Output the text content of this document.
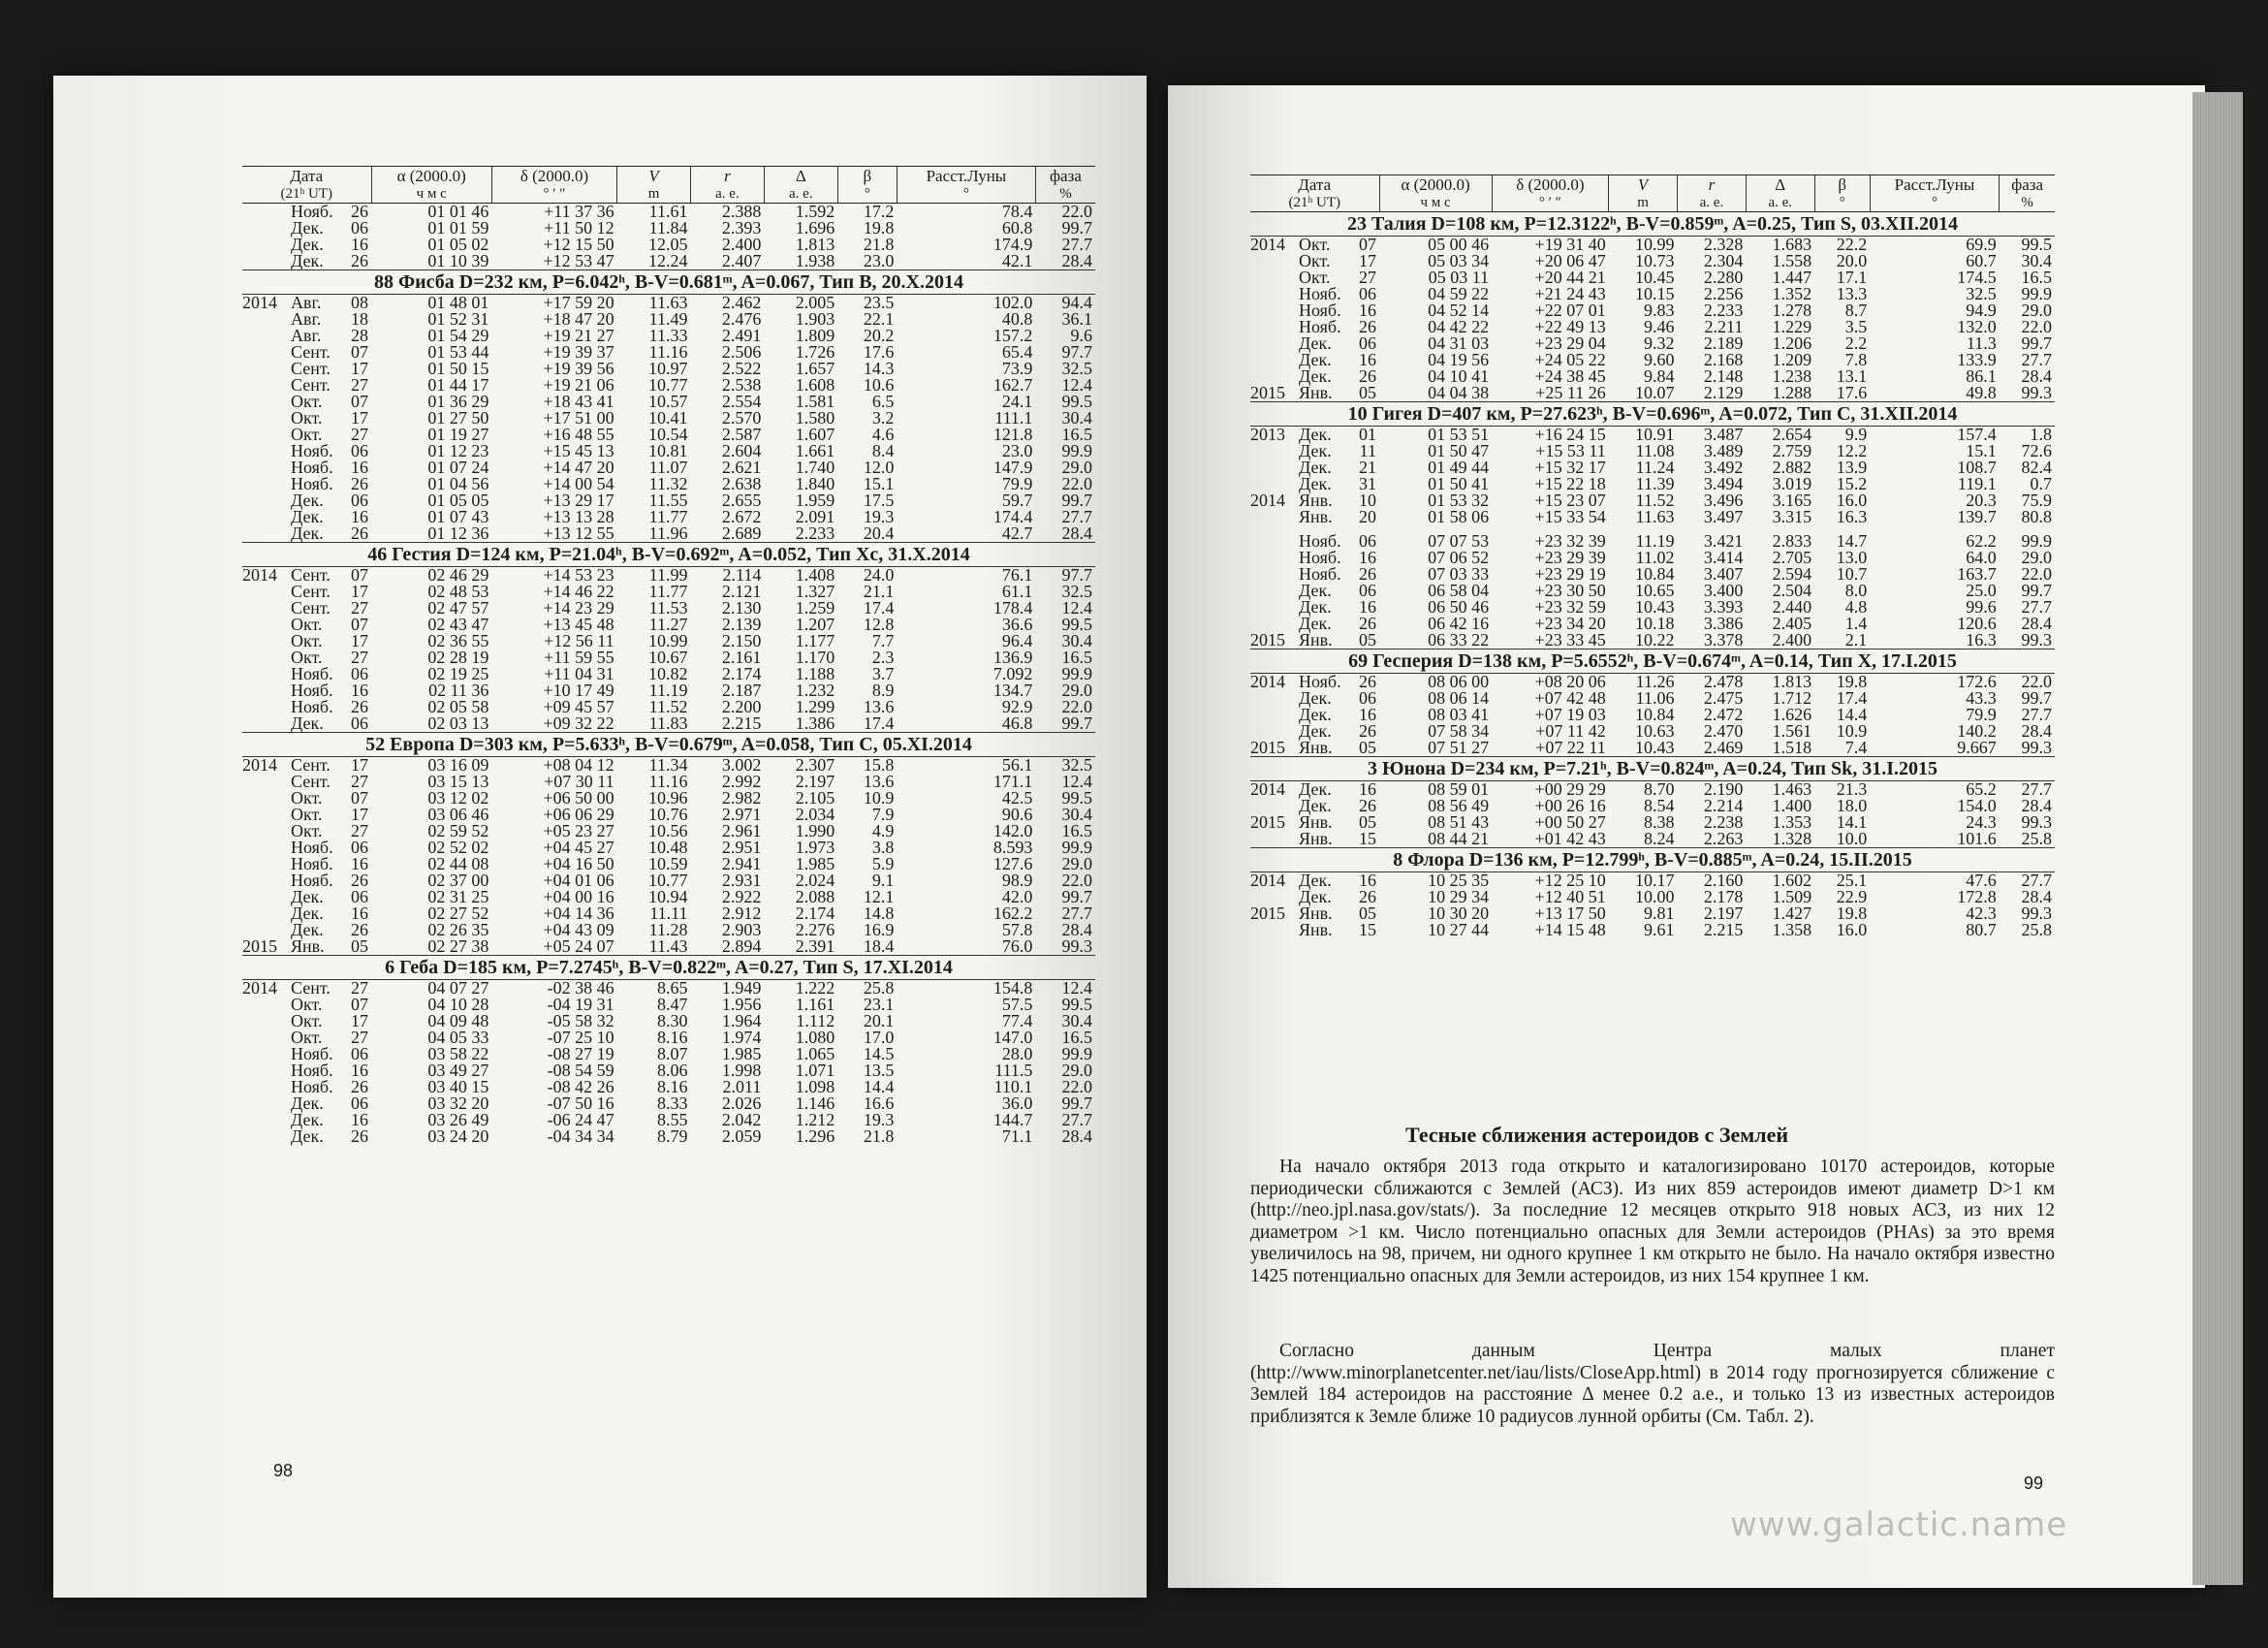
Дата			α (2000.0)	δ (2000.0)	V	r	Δ	β	Расст.Луны	фаза
(21ʰ UT)			ч м с	° ′ ″	m	а. е.	а. е.	°	°	%
	Нояб.	26	01 01 46	+11 37 36	11.61	2.388	1.592	17.2	78.4	22.0
	Дек.	06	01 01 59	+11 50 12	11.84	2.393	1.696	19.8	60.8	99.7
	Дек.	16	01 05 02	+12 15 50	12.05	2.400	1.813	21.8	174.9	27.7
	Дек.	26	01 10 39	+12 53 47	12.24	2.407	1.938	23.0	42.1	28.4
88 Фисба D=232 км, P=6.042ʰ, B-V=0.681ᵐ, A=0.067, Тип B, 20.X.2014										
2014	Авг.	08	01 48 01	+17 59 20	11.63	2.462	2.005	23.5	102.0	94.4
	Авг.	18	01 52 31	+18 47 20	11.49	2.476	1.903	22.1	40.8	36.1
	Авг.	28	01 54 29	+19 21 27	11.33	2.491	1.809	20.2	157.2	9.6
	Сент.	07	01 53 44	+19 39 37	11.16	2.506	1.726	17.6	65.4	97.7
	Сент.	17	01 50 15	+19 39 56	10.97	2.522	1.657	14.3	73.9	32.5
	Сент.	27	01 44 17	+19 21 06	10.77	2.538	1.608	10.6	162.7	12.4
	Окт.	07	01 36 29	+18 43 41	10.57	2.554	1.581	6.5	24.1	99.5
	Окт.	17	01 27 50	+17 51 00	10.41	2.570	1.580	3.2	111.1	30.4
	Окт.	27	01 19 27	+16 48 55	10.54	2.587	1.607	4.6	121.8	16.5
	Нояб.	06	01 12 23	+15 45 13	10.81	2.604	1.661	8.4	23.0	99.9
	Нояб.	16	01 07 24	+14 47 20	11.07	2.621	1.740	12.0	147.9	29.0
	Нояб.	26	01 04 56	+14 00 54	11.32	2.638	1.840	15.1	79.9	22.0
	Дек.	06	01 05 05	+13 29 17	11.55	2.655	1.959	17.5	59.7	99.7
	Дек.	16	01 07 43	+13 13 28	11.77	2.672	2.091	19.3	174.4	27.7
	Дек.	26	01 12 36	+13 12 55	11.96	2.689	2.233	20.4	42.7	28.4
46 Гестия D=124 км, P=21.04ʰ, B-V=0.692ᵐ, A=0.052, Тип Xc, 31.X.2014										
2014	Сент.	07	02 46 29	+14 53 23	11.99	2.114	1.408	24.0	76.1	97.7
	Сент.	17	02 48 53	+14 46 22	11.77	2.121	1.327	21.1	61.1	32.5
	Сент.	27	02 47 57	+14 23 29	11.53	2.130	1.259	17.4	178.4	12.4
	Окт.	07	02 43 47	+13 45 48	11.27	2.139	1.207	12.8	36.6	99.5
	Окт.	17	02 36 55	+12 56 11	10.99	2.150	1.177	7.7	96.4	30.4
	Окт.	27	02 28 19	+11 59 55	10.67	2.161	1.170	2.3	136.9	16.5
	Нояб.	06	02 19 25	+11 04 31	10.82	2.174	1.188	3.7	7.092	99.9
	Нояб.	16	02 11 36	+10 17 49	11.19	2.187	1.232	8.9	134.7	29.0
	Нояб.	26	02 05 58	+09 45 57	11.52	2.200	1.299	13.6	92.9	22.0
	Дек.	06	02 03 13	+09 32 22	11.83	2.215	1.386	17.4	46.8	99.7
52 Европа D=303 км, P=5.633ʰ, B-V=0.679ᵐ, A=0.058, Тип C, 05.XI.2014										
2014	Сент.	17	03 16 09	+08 04 12	11.34	3.002	2.307	15.8	56.1	32.5
	Сент.	27	03 15 13	+07 30 11	11.16	2.992	2.197	13.6	171.1	12.4
	Окт.	07	03 12 02	+06 50 00	10.96	2.982	2.105	10.9	42.5	99.5
	Окт.	17	03 06 46	+06 06 29	10.76	2.971	2.034	7.9	90.6	30.4
	Окт.	27	02 59 52	+05 23 27	10.56	2.961	1.990	4.9	142.0	16.5
	Нояб.	06	02 52 02	+04 45 27	10.48	2.951	1.973	3.8	8.593	99.9
	Нояб.	16	02 44 08	+04 16 50	10.59	2.941	1.985	5.9	127.6	29.0
	Нояб.	26	02 37 00	+04 01 06	10.77	2.931	2.024	9.1	98.9	22.0
	Дек.	06	02 31 25	+04 00 16	10.94	2.922	2.088	12.1	42.0	99.7
	Дек.	16	02 27 52	+04 14 36	11.11	2.912	2.174	14.8	162.2	27.7
	Дек.	26	02 26 35	+04 43 09	11.28	2.903	2.276	16.9	57.8	28.4
2015	Янв.	05	02 27 38	+05 24 07	11.43	2.894	2.391	18.4	76.0	99.3
6 Геба D=185 км, P=7.2745ʰ, B-V=0.822ᵐ, A=0.27, Тип S, 17.XI.2014										
2014	Сент.	27	04 07 27	-02 38 46	8.65	1.949	1.222	25.8	154.8	12.4
	Окт.	07	04 10 28	-04 19 31	8.47	1.956	1.161	23.1	57.5	99.5
	Окт.	17	04 09 48	-05 58 32	8.30	1.964	1.112	20.1	77.4	30.4
	Окт.	27	04 05 33	-07 25 10	8.16	1.974	1.080	17.0	147.0	16.5
	Нояб.	06	03 58 22	-08 27 19	8.07	1.985	1.065	14.5	28.0	99.9
	Нояб.	16	03 49 27	-08 54 59	8.06	1.998	1.071	13.5	111.5	29.0
	Нояб.	26	03 40 15	-08 42 26	8.16	2.011	1.098	14.4	110.1	22.0
	Дек.	06	03 32 20	-07 50 16	8.33	2.026	1.146	16.6	36.0	99.7
	Дек.	16	03 26 49	-06 24 47	8.55	2.042	1.212	19.3	144.7	27.7
	Дек.	26	03 24 20	-04 34 34	8.79	2.059	1.296	21.8	71.1	28.4
Дата			α (2000.0)	δ (2000.0)	V	r	Δ	β	Расст.Луны	фаза
(21ʰ UT)			ч м с	° ′ ″	m	а. е.	а. е.	°	°	%
23 Талия D=108 км, P=12.3122ʰ, B-V=0.859ᵐ, A=0.25, Тип S, 03.XII.2014										
2014	Окт.	07	05 00 46	+19 31 40	10.99	2.328	1.683	22.2	69.9	99.5
	Окт.	17	05 03 34	+20 06 47	10.73	2.304	1.558	20.0	60.7	30.4
	Окт.	27	05 03 11	+20 44 21	10.45	2.280	1.447	17.1	174.5	16.5
	Нояб.	06	04 59 22	+21 24 43	10.15	2.256	1.352	13.3	32.5	99.9
	Нояб.	16	04 52 14	+22 07 01	9.83	2.233	1.278	8.7	94.9	29.0
	Нояб.	26	04 42 22	+22 49 13	9.46	2.211	1.229	3.5	132.0	22.0
	Дек.	06	04 31 03	+23 29 04	9.32	2.189	1.206	2.2	11.3	99.7
	Дек.	16	04 19 56	+24 05 22	9.60	2.168	1.209	7.8	133.9	27.7
	Дек.	26	04 10 41	+24 38 45	9.84	2.148	1.238	13.1	86.1	28.4
2015	Янв.	05	04 04 38	+25 11 26	10.07	2.129	1.288	17.6	49.8	99.3
10 Гигея D=407 км, P=27.623ʰ, B-V=0.696ᵐ, A=0.072, Тип C, 31.XII.2014										
2013	Дек.	01	01 53 51	+16 24 15	10.91	3.487	2.654	9.9	157.4	1.8
	Дек.	11	01 50 47	+15 53 11	11.08	3.489	2.759	12.2	15.1	72.6
	Дек.	21	01 49 44	+15 32 17	11.24	3.492	2.882	13.9	108.7	82.4
	Дек.	31	01 50 41	+15 22 18	11.39	3.494	3.019	15.2	119.1	0.7
2014	Янв.	10	01 53 32	+15 23 07	11.52	3.496	3.165	16.0	20.3	75.9
	Янв.	20	01 58 06	+15 33 54	11.63	3.497	3.315	16.3	139.7	80.8

	Нояб.	06	07 07 53	+23 32 39	11.19	3.421	2.833	14.7	62.2	99.9
	Нояб.	16	07 06 52	+23 29 39	11.02	3.414	2.705	13.0	64.0	29.0
	Нояб.	26	07 03 33	+23 29 19	10.84	3.407	2.594	10.7	163.7	22.0
	Дек.	06	06 58 04	+23 30 50	10.65	3.400	2.504	8.0	25.0	99.7
	Дек.	16	06 50 46	+23 32 59	10.43	3.393	2.440	4.8	99.6	27.7
	Дек.	26	06 42 16	+23 34 20	10.18	3.386	2.405	1.4	120.6	28.4
2015	Янв.	05	06 33 22	+23 33 45	10.22	3.378	2.400	2.1	16.3	99.3
69 Гесперия D=138 км, P=5.6552ʰ, B-V=0.674ᵐ, A=0.14, Тип X, 17.I.2015										
2014	Нояб.	26	08 06 00	+08 20 06	11.26	2.478	1.813	19.8	172.6	22.0
	Дек.	06	08 06 14	+07 42 48	11.06	2.475	1.712	17.4	43.3	99.7
	Дек.	16	08 03 41	+07 19 03	10.84	2.472	1.626	14.4	79.9	27.7
	Дек.	26	07 58 34	+07 11 42	10.63	2.470	1.561	10.9	140.2	28.4
2015	Янв.	05	07 51 27	+07 22 11	10.43	2.469	1.518	7.4	9.667	99.3
3 Юнона D=234 км, P=7.21ʰ, B-V=0.824ᵐ, A=0.24, Тип Sk, 31.I.2015										
2014	Дек.	16	08 59 01	+00 29 29	8.70	2.190	1.463	21.3	65.2	27.7
	Дек.	26	08 56 49	+00 26 16	8.54	2.214	1.400	18.0	154.0	28.4
2015	Янв.	05	08 51 43	+00 50 27	8.38	2.238	1.353	14.1	24.3	99.3
	Янв.	15	08 44 21	+01 42 43	8.24	2.263	1.328	10.0	101.6	25.8
8 Флора D=136 км, P=12.799ʰ, B-V=0.885ᵐ, A=0.24, 15.II.2015										
2014	Дек.	16	10 25 35	+12 25 10	10.17	2.160	1.602	25.1	47.6	27.7
	Дек.	26	10 29 34	+12 40 51	10.00	2.178	1.509	22.9	172.8	28.4
2015	Янв.	05	10 30 20	+13 17 50	9.81	2.197	1.427	19.8	42.3	99.3
	Янв.	15	10 27 44	+14 15 48	9.61	2.215	1.358	16.0	80.7	25.8
Тесные сближения астероидов с Землей
На начало октября 2013 года открыто и каталогизировано 10170 астероидов, которые периодически сближаются с Землей (АСЗ). Из них 859 астероидов имеют диаметр D>1 км (http://neo.jpl.nasa.gov/stats/). За последние 12 месяцев открыто 918 новых АСЗ, из них 12 диаметром >1 км. Число потенциально опасных для Земли астероидов (PHAs) за это время увеличилось на 98, причем, ни одного крупнее 1 км открыто не было. На начало октября известно 1425 потенциально опасных для Земли астероидов, из них 154 крупнее 1 км.
Согласно данным Центра малых планет (http://www.minorplanetcenter.net/iau/lists/CloseApp.html) в 2014 году прогнозируется сближение с Землей 184 астероидов на расстояние Δ менее 0.2 а.е., и только 13 из известных астероидов приблизятся к Земле ближе 10 радиусов лунной орбиты (См. Табл. 2).
98
99
www.galactic.name
